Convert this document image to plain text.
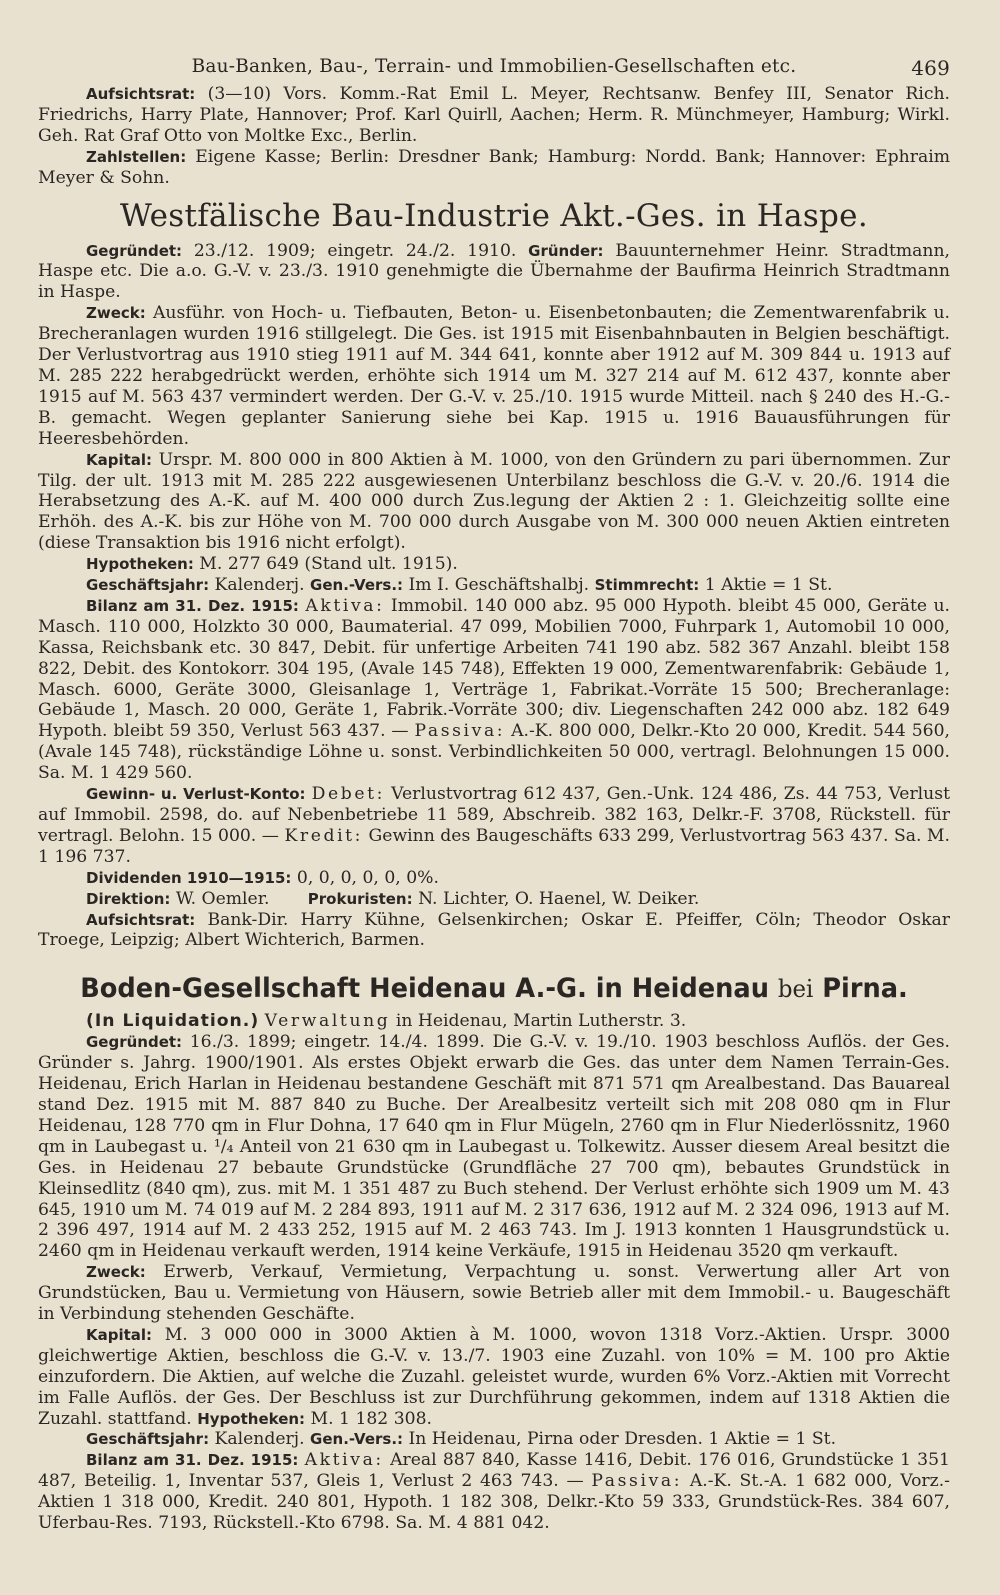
Bau-Banken, Bau-, Terrain- und Immobilien-Gesellschaften etc.	469

Aufsichtsrat: (3—10) Vors. Komm.-Rat Emil L. Meyer, Rechtsanw. Benfey III, Senator Rich. Friedrichs, Harry Plate, Hannover; Prof. Karl Quirll, Aachen; Herm. R. Münchmeyer, Hamburg; Wirkl. Geh. Rat Graf Otto von Moltke Exc., Berlin.

Zahlstellen: Eigene Kasse; Berlin: Dresdner Bank; Hamburg: Nordd. Bank; Hannover: Ephraim Meyer & Sohn.

Westfälische Bau-Industrie Akt.-Ges. in Haspe.

Gegründet: 23./12. 1909; eingetr. 24./2. 1910. Gründer: Bauunternehmer Heinr. Stradtmann, Haspe etc. Die a.o. G.-V. v. 23./3. 1910 genehmigte die Übernahme der Baufirma Heinrich Stradtmann in Haspe.

Zweck: Ausführ. von Hoch- u. Tiefbauten, Beton- u. Eisenbetonbauten; die Zementwarenfabrik u. Brecheranlagen wurden 1916 stillgelegt. Die Ges. ist 1915 mit Eisenbahnbauten in Belgien beschäftigt. Der Verlustvortrag aus 1910 stieg 1911 auf M. 344 641, konnte aber 1912 auf M. 309 844 u. 1913 auf M. 285 222 herabgedrückt werden, erhöhte sich 1914 um M. 327 214 auf M. 612 437, konnte aber 1915 auf M. 563 437 vermindert werden. Der G.-V. v. 25./10. 1915 wurde Mitteil. nach § 240 des H.-G.-B. gemacht. Wegen geplanter Sanierung siehe bei Kap. 1915 u. 1916 Bauausführungen für Heeresbehörden.

Kapital: Urspr. M. 800 000 in 800 Aktien à M. 1000, von den Gründern zu pari übernommen. Zur Tilg. der ult. 1913 mit M. 285 222 ausgewiesenen Unterbilanz beschloss die G.-V. v. 20./6. 1914 die Herabsetzung des A.-K. auf M. 400 000 durch Zus.legung der Aktien 2 : 1. Gleichzeitig sollte eine Erhöh. des A.-K. bis zur Höhe von M. 700 000 durch Ausgabe von M. 300 000 neuen Aktien eintreten (diese Transaktion bis 1916 nicht erfolgt).

Hypotheken: M. 277 649 (Stand ult. 1915).

Geschäftsjahr: Kalenderj. Gen.-Vers.: Im I. Geschäftshalbj. Stimmrecht: 1 Aktie = 1 St.

Bilanz am 31. Dez. 1915: Aktiva: Immobil. 140 000 abz. 95 000 Hypoth. bleibt 45 000, Geräte u. Masch. 110 000, Holzkto 30 000, Baumaterial. 47 099, Mobilien 7000, Fuhrpark 1, Automobil 10 000, Kassa, Reichsbank etc. 30 847, Debit. für unfertige Arbeiten 741 190 abz. 582 367 Anzahl. bleibt 158 822, Debit. des Kontokorr. 304 195, (Avale 145 748), Effekten 19 000, Zementwarenfabrik: Gebäude 1, Masch. 6000, Geräte 3000, Gleisanlage 1, Verträge 1, Fabrikat.-Vorräte 15 500; Brecheranlage: Gebäude 1, Masch. 20 000, Geräte 1, Fabrik.-Vorräte 300; div. Liegenschaften 242 000 abz. 182 649 Hypoth. bleibt 59 350, Verlust 563 437. — Passiva: A.-K. 800 000, Delkr.-Kto 20 000, Kredit. 544 560, (Avale 145 748), rückständige Löhne u. sonst. Verbindlichkeiten 50 000, vertragl. Belohnungen 15 000. Sa. M. 1 429 560.

Gewinn- u. Verlust-Konto: Debet: Verlustvortrag 612 437, Gen.-Unk. 124 486, Zs. 44 753, Verlust auf Immobil. 2598, do. auf Nebenbetriebe 11 589, Abschreib. 382 163, Delkr.-F. 3708, Rückstell. für vertragl. Belohn. 15 000. — Kredit: Gewinn des Baugeschäfts 633 299, Verlustvortrag 563 437. Sa. M. 1 196 737.

Dividenden 1910—1915: 0, 0, 0, 0, 0, 0%.

Direktion: W. Oemler.	Prokuristen: N. Lichter, O. Haenel, W. Deiker.

Aufsichtsrat: Bank-Dir. Harry Kühne, Gelsenkirchen; Oskar E. Pfeiffer, Cöln; Theodor Oskar Troege, Leipzig; Albert Wichterich, Barmen.

Boden-Gesellschaft Heidenau A.-G. in Heidenau bei Pirna.

(In Liquidation.) Verwaltung in Heidenau, Martin Lutherstr. 3.

Gegründet: 16./3. 1899; eingetr. 14./4. 1899. Die G.-V. v. 19./10. 1903 beschloss Auflös. der Ges. Gründer s. Jahrg. 1900/1901. Als erstes Objekt erwarb die Ges. das unter dem Namen Terrain-Ges. Heidenau, Erich Harlan in Heidenau bestandene Geschäft mit 871 571 qm Arealbestand. Das Bauareal stand Dez. 1915 mit M. 887 840 zu Buche. Der Arealbesitz verteilt sich mit 208 080 qm in Flur Heidenau, 128 770 qm in Flur Dohna, 17 640 qm in Flur Mügeln, 2760 qm in Flur Niederlössnitz, 1960 qm in Laubegast u. ¹/₄ Anteil von 21 630 qm in Laubegast u. Tolkewitz. Ausser diesem Areal besitzt die Ges. in Heidenau 27 bebaute Grundstücke (Grundfläche 27 700 qm), bebautes Grundstück in Kleinsedlitz (840 qm), zus. mit M. 1 351 487 zu Buch stehend. Der Verlust erhöhte sich 1909 um M. 43 645, 1910 um M. 74 019 auf M. 2 284 893, 1911 auf M. 2 317 636, 1912 auf M. 2 324 096, 1913 auf M. 2 396 497, 1914 auf M. 2 433 252, 1915 auf M. 2 463 743. Im J. 1913 konnten 1 Hausgrundstück u. 2460 qm in Heidenau verkauft werden, 1914 keine Verkäufe, 1915 in Heidenau 3520 qm verkauft.

Zweck: Erwerb, Verkauf, Vermietung, Verpachtung u. sonst. Verwertung aller Art von Grundstücken, Bau u. Vermietung von Häusern, sowie Betrieb aller mit dem Immobil.- u. Baugeschäft in Verbindung stehenden Geschäfte.

Kapital: M. 3 000 000 in 3000 Aktien à M. 1000, wovon 1318 Vorz.-Aktien. Urspr. 3000 gleichwertige Aktien, beschloss die G.-V. v. 13./7. 1903 eine Zuzahl. von 10% = M. 100 pro Aktie einzufordern. Die Aktien, auf welche die Zuzahl. geleistet wurde, wurden 6% Vorz.-Aktien mit Vorrecht im Falle Auflös. der Ges. Der Beschluss ist zur Durchführung gekommen, indem auf 1318 Aktien die Zuzahl. stattfand. Hypotheken: M. 1 182 308.

Geschäftsjahr: Kalenderj. Gen.-Vers.: In Heidenau, Pirna oder Dresden. 1 Aktie = 1 St.

Bilanz am 31. Dez. 1915: Aktiva: Areal 887 840, Kasse 1416, Debit. 176 016, Grundstücke 1 351 487, Beteilig. 1, Inventar 537, Gleis 1, Verlust 2 463 743. — Passiva: A.-K. St.-A. 1 682 000, Vorz.-Aktien 1 318 000, Kredit. 240 801, Hypoth. 1 182 308, Delkr.-Kto 59 333, Grundstück-Res. 384 607, Uferbau-Res. 7193, Rückstell.-Kto 6798. Sa. M. 4 881 042.
